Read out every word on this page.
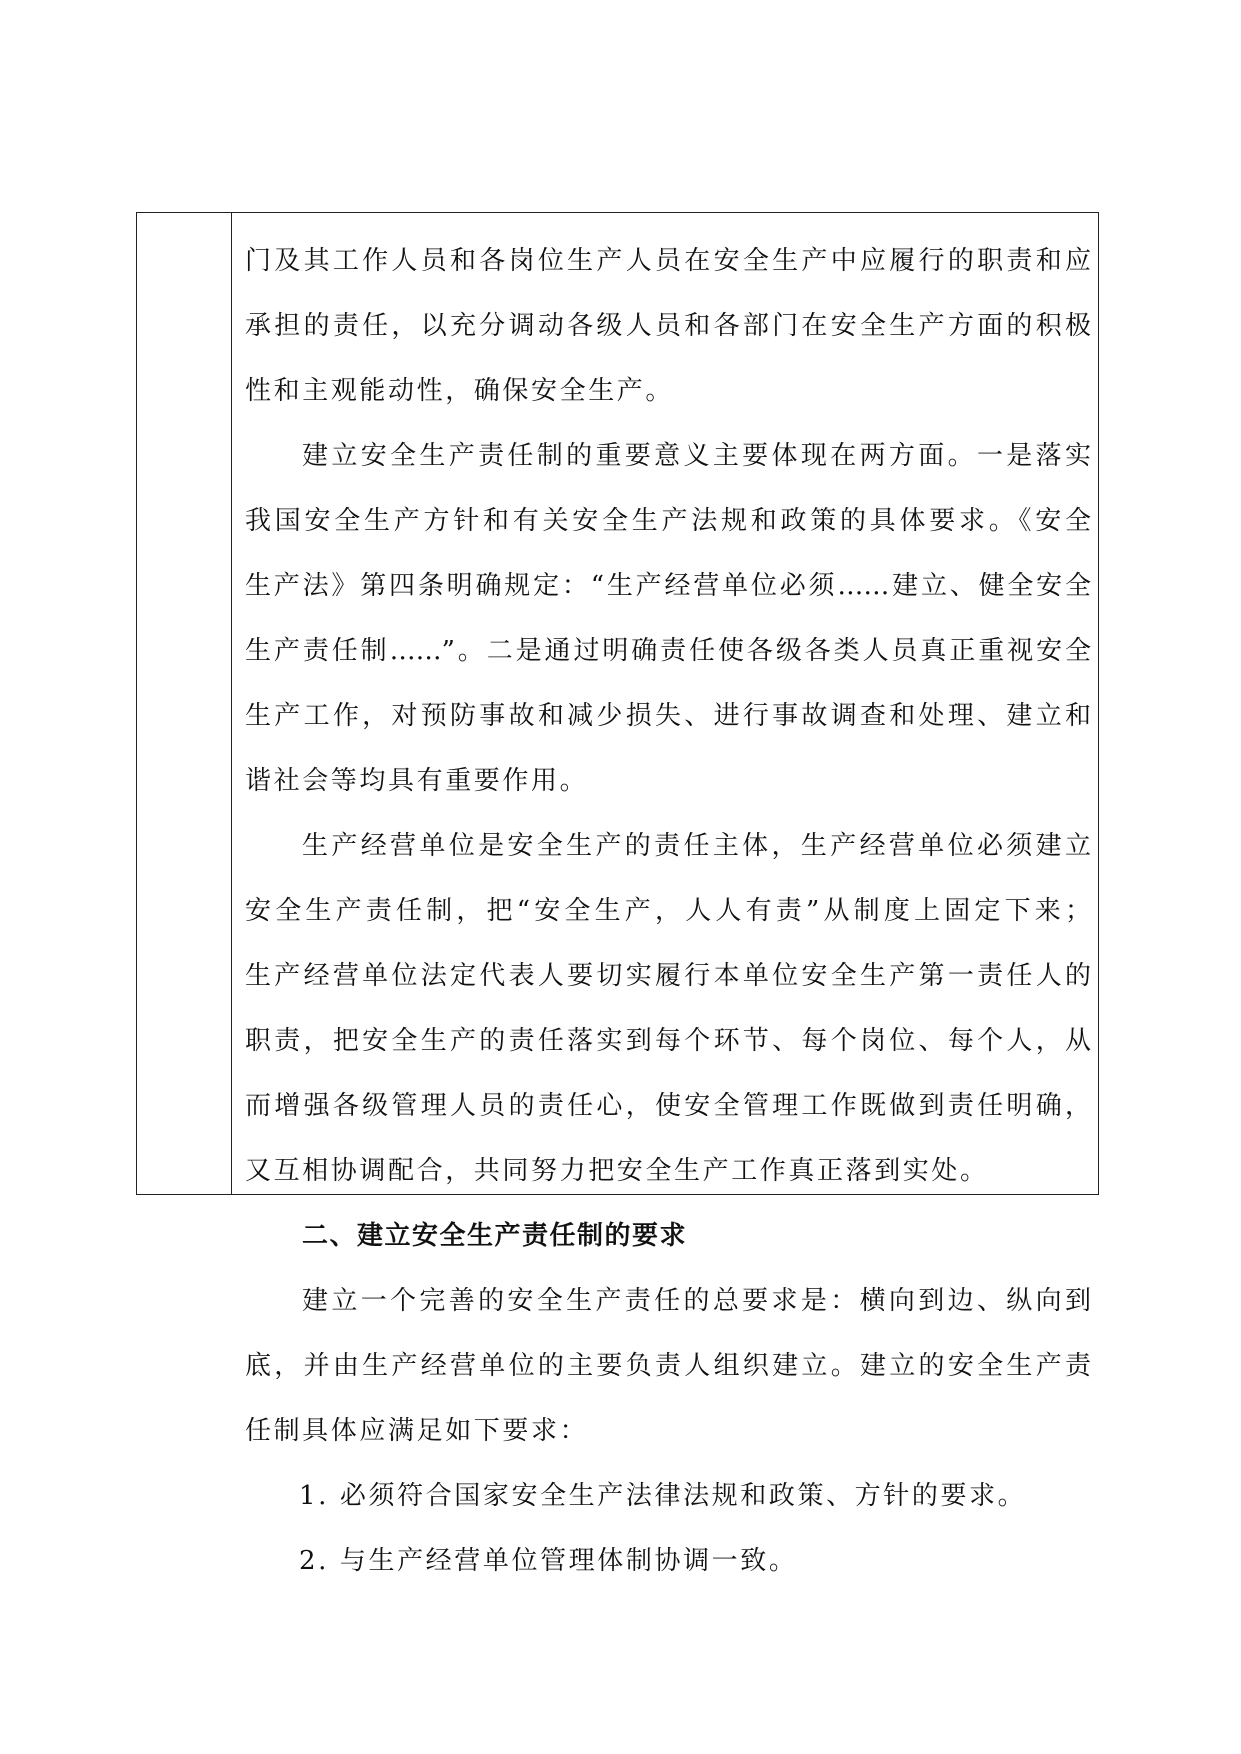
门及其工作人员和各岗位生产人员在安全生产中应履行的职责和应
承担的责任，以充分调动各级人员和各部门在安全生产方面的积极
性和主观能动性，确保安全生产。
建立安全生产责任制的重要意义主要体现在两方面。一是落实
我国安全生产方针和有关安全生产法规和政策的具体要求。《安全
生产法》第四条明确规定：“生产经营单位必须……建立、健全安全
生产责任制……”。二是通过明确责任使各级各类人员真正重视安全
生产工作，对预防事故和减少损失、进行事故调查和处理、建立和
谐社会等均具有重要作用。
生产经营单位是安全生产的责任主体，生产经营单位必须建立
安全生产责任制，把“安全生产，人人有责”从制度上固定下来；
生产经营单位法定代表人要切实履行本单位安全生产第一责任人的
职责，把安全生产的责任落实到每个环节、每个岗位、每个人，从
而增强各级管理人员的责任心，使安全管理工作既做到责任明确，
又互相协调配合，共同努力把安全生产工作真正落到实处。
二、建立安全生产责任制的要求
建立一个完善的安全生产责任的总要求是：横向到边、纵向到
底，并由生产经营单位的主要负责人组织建立。建立的安全生产责
任制具体应满足如下要求：
1. 必须符合国家安全生产法律法规和政策、方针的要求。
2. 与生产经营单位管理体制协调一致。
